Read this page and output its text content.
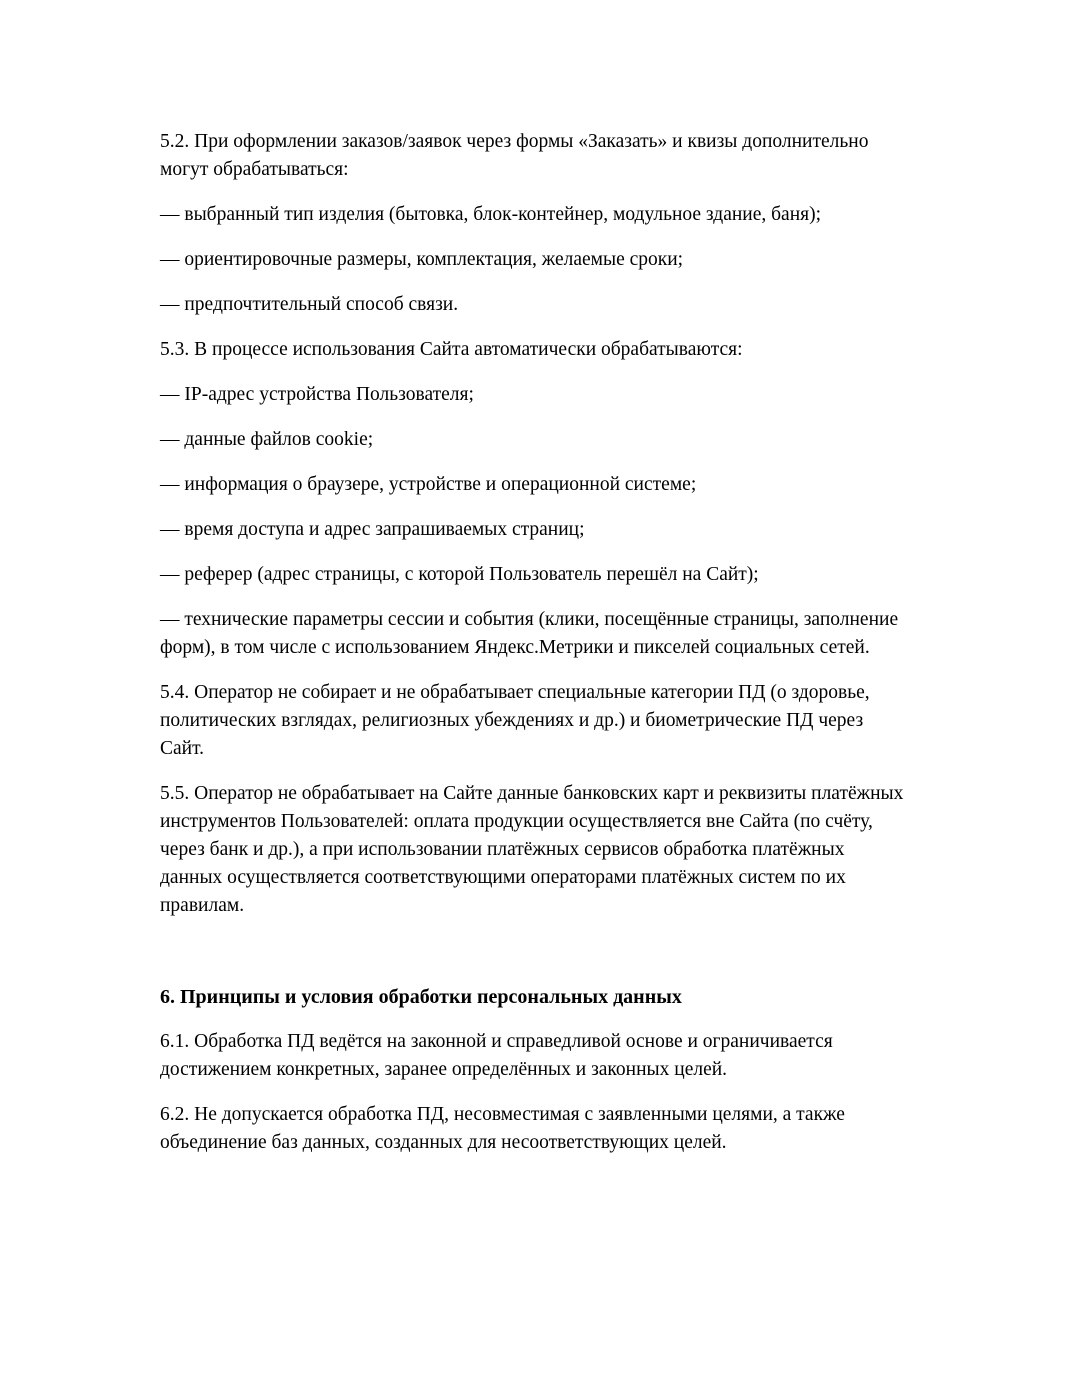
5.2. При оформлении заказов/заявок через формы «Заказать» и квизы дополнительно могут обрабатываться:

— выбранный тип изделия (бытовка, блок-контейнер, модульное здание, баня);

— ориентировочные размеры, комплектация, желаемые сроки;

— предпочтительный способ связи.

5.3. В процессе использования Сайта автоматически обрабатываются:

— IP-адрес устройства Пользователя;

— данные файлов cookie;

— информация о браузере, устройстве и операционной системе;

— время доступа и адрес запрашиваемых страниц;

— реферер (адрес страницы, с которой Пользователь перешёл на Сайт);

— технические параметры сессии и события (клики, посещённые страницы, заполнение форм), в том числе с использованием Яндекс.Метрики и пикселей социальных сетей.

5.4. Оператор не собирает и не обрабатывает специальные категории ПД (о здоровье, политических взглядах, религиозных убеждениях и др.) и биометрические ПД через Сайт.

5.5. Оператор не обрабатывает на Сайте данные банковских карт и реквизиты платёжных инструментов Пользователей: оплата продукции осуществляется вне Сайта (по счёту, через банк и др.), а при использовании платёжных сервисов обработка платёжных данных осуществляется соответствующими операторами платёжных систем по их правилам.

6. Принципы и условия обработки персональных данных

6.1. Обработка ПД ведётся на законной и справедливой основе и ограничивается достижением конкретных, заранее определённых и законных целей.

6.2. Не допускается обработка ПД, несовместимая с заявленными целями, а также объединение баз данных, созданных для несоответствующих целей.
